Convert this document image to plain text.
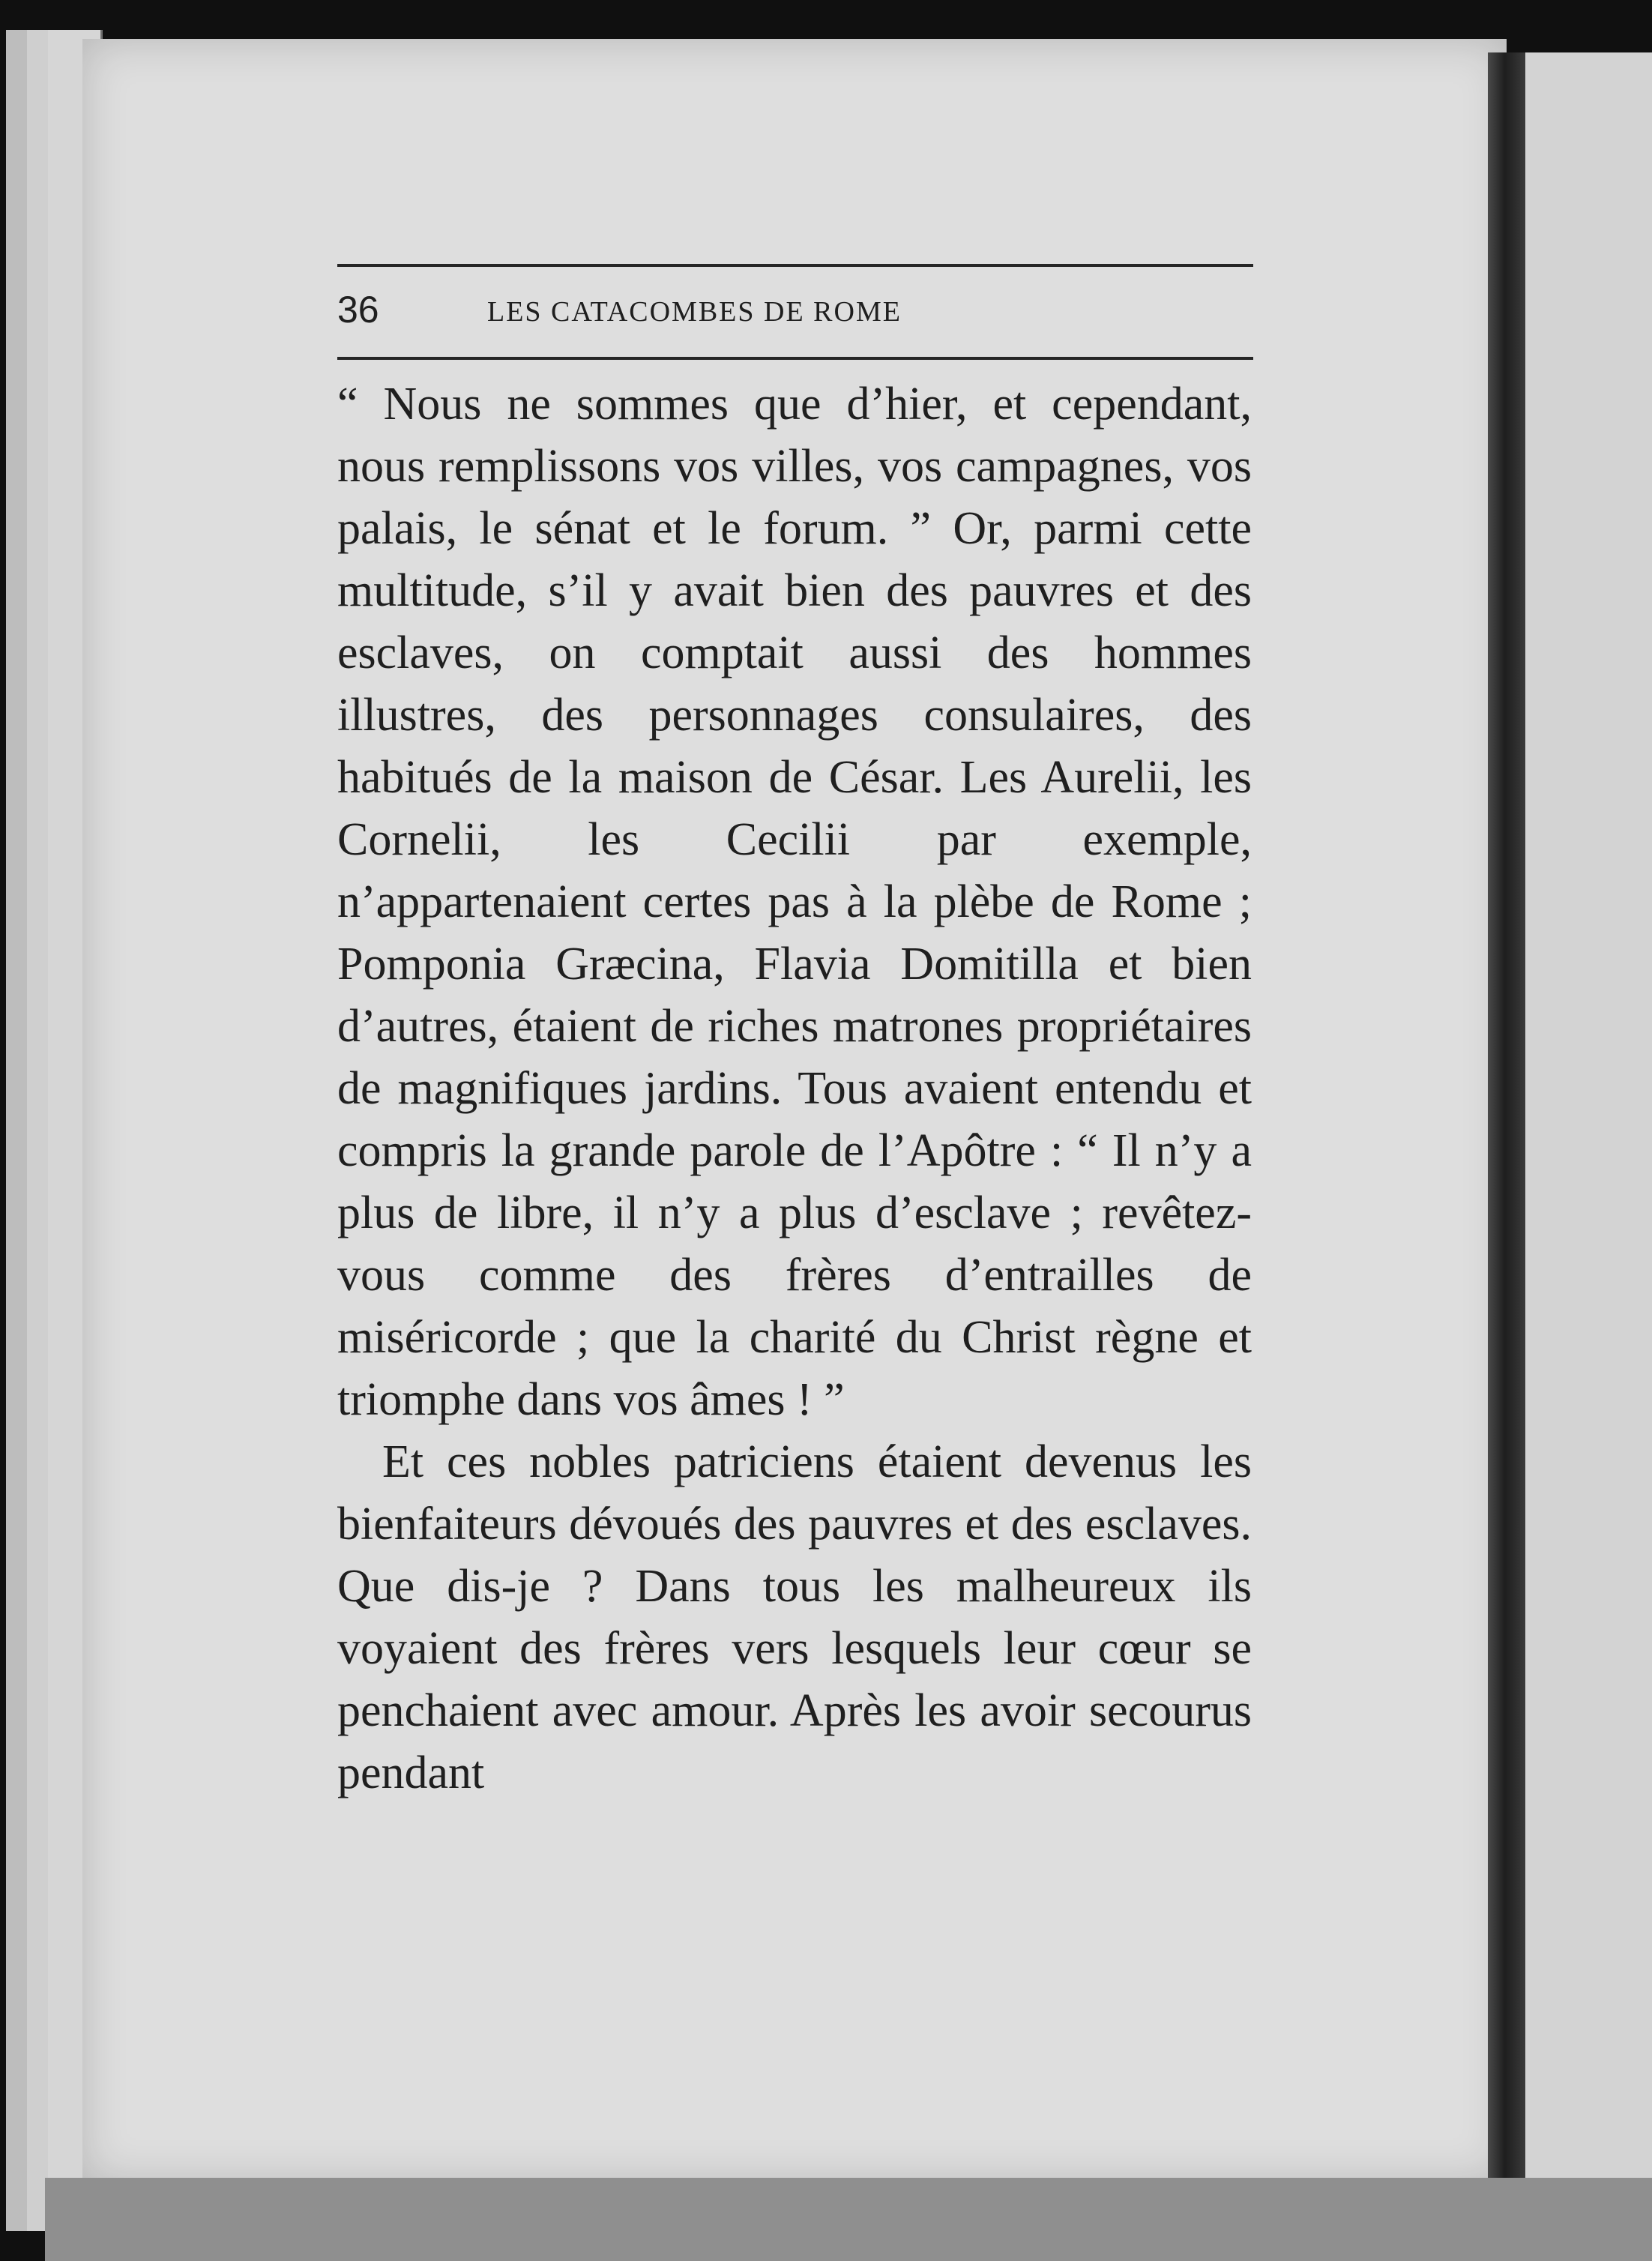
36	LES CATACOMBES DE ROME

“ Nous ne sommes que d’hier, et cependant, nous remplissons vos villes, vos campagnes, vos palais, le sénat et le forum. ” Or, parmi cette multitude, s’il y avait bien des pauvres et des esclaves, on comptait aussi des hommes illustres, des personnages consulaires, des habitués de la maison de César. Les Aurelii, les Cornelii, les Cecilii par exemple, n’appartenaient certes pas à la plèbe de Rome ; Pomponia Græcina, Flavia Domitilla et bien d’autres, étaient de riches matrones propriétaires de magnifiques jardins. Tous avaient entendu et compris la grande parole de l’Apôtre : “ Il n’y a plus de libre, il n’y a plus d’esclave ; revêtez-vous comme des frères d’entrailles de miséricorde ; que la charité du Christ règne et triomphe dans vos âmes ! ”

Et ces nobles patriciens étaient devenus les bienfaiteurs dévoués des pauvres et des esclaves. Que dis-je ? Dans tous les malheureux ils voyaient des frères vers lesquels leur cœur se penchaient avec amour. Après les avoir secourus pendant
